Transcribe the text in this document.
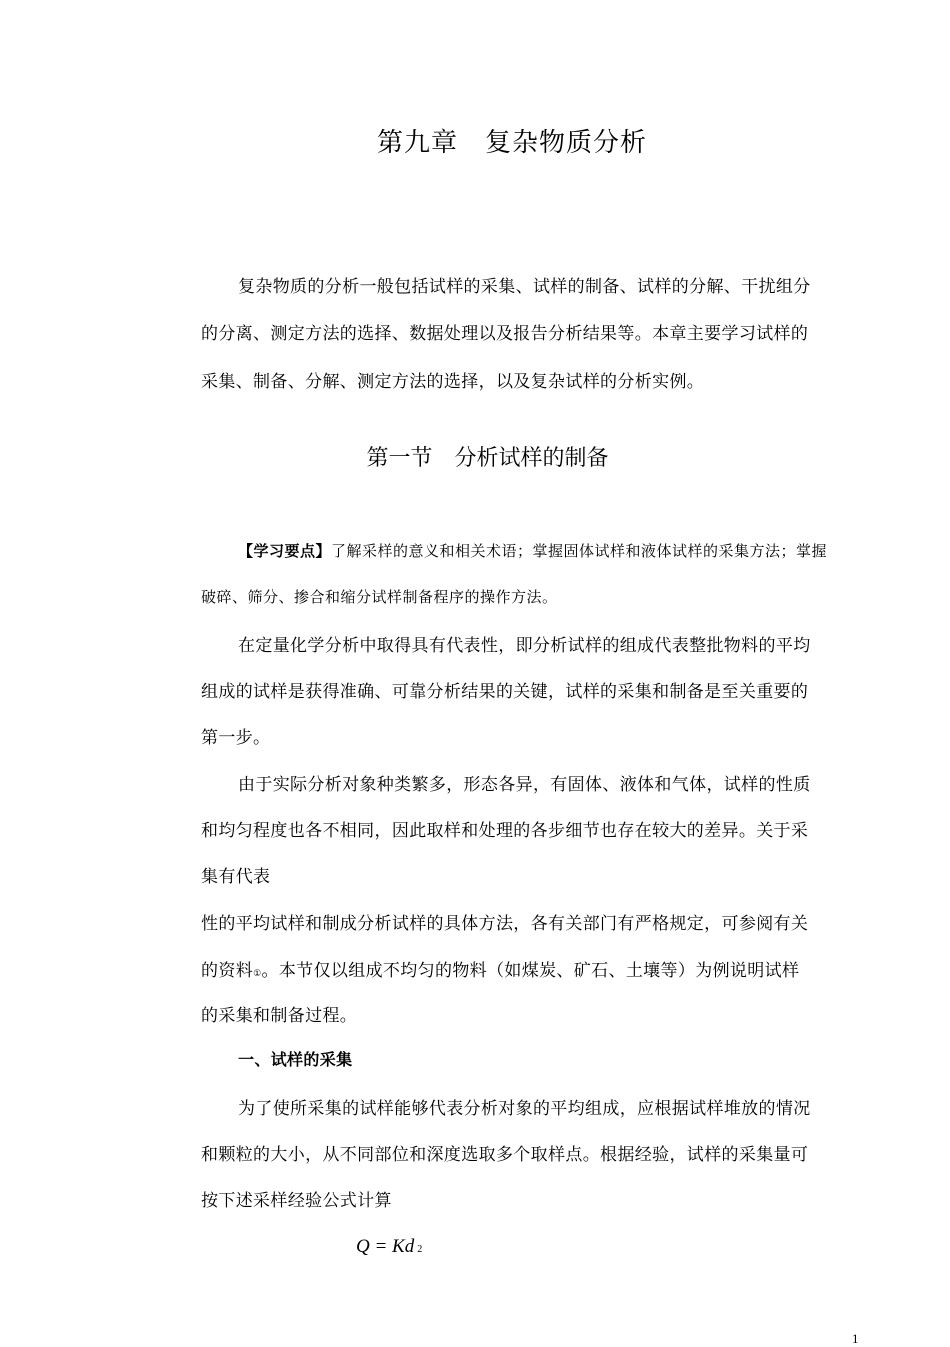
第九章　复杂物质分析
复杂物质的分析一般包括试样的采集、试样的制备、试样的分解、干扰组分
的分离、测定方法的选择、数据处理以及报告分析结果等。本章主要学习试样的
采集、制备、分解、测定方法的选择，以及复杂试样的分析实例。
第一节　分析试样的制备
【学习要点】了解采样的意义和相关术语；掌握固体试样和液体试样的采集方法；掌握
破碎、筛分、掺合和缩分试样制备程序的操作方法。
在定量化学分析中取得具有代表性，即分析试样的组成代表整批物料的平均
组成的试样是获得准确、可靠分析结果的关键，试样的采集和制备是至关重要的
第一步。
由于实际分析对象种类繁多，形态各异，有固体、液体和气体，试样的性质
和均匀程度也各不相同，因此取样和处理的各步细节也存在较大的差异。关于采
集有代表
性的平均试样和制成分析试样的具体方法，各有关部门有严格规定，可参阅有关
的资料①。本节仅以组成不均匀的物料（如煤炭、矿石、土壤等）为例说明试样
的采集和制备过程。
一、试样的采集
为了使所采集的试样能够代表分析对象的平均组成，应根据试样堆放的情况
和颗粒的大小，从不同部位和深度选取多个取样点。根据经验，试样的采集量可
按下述采样经验公式计算
Q = Kd 2
1
